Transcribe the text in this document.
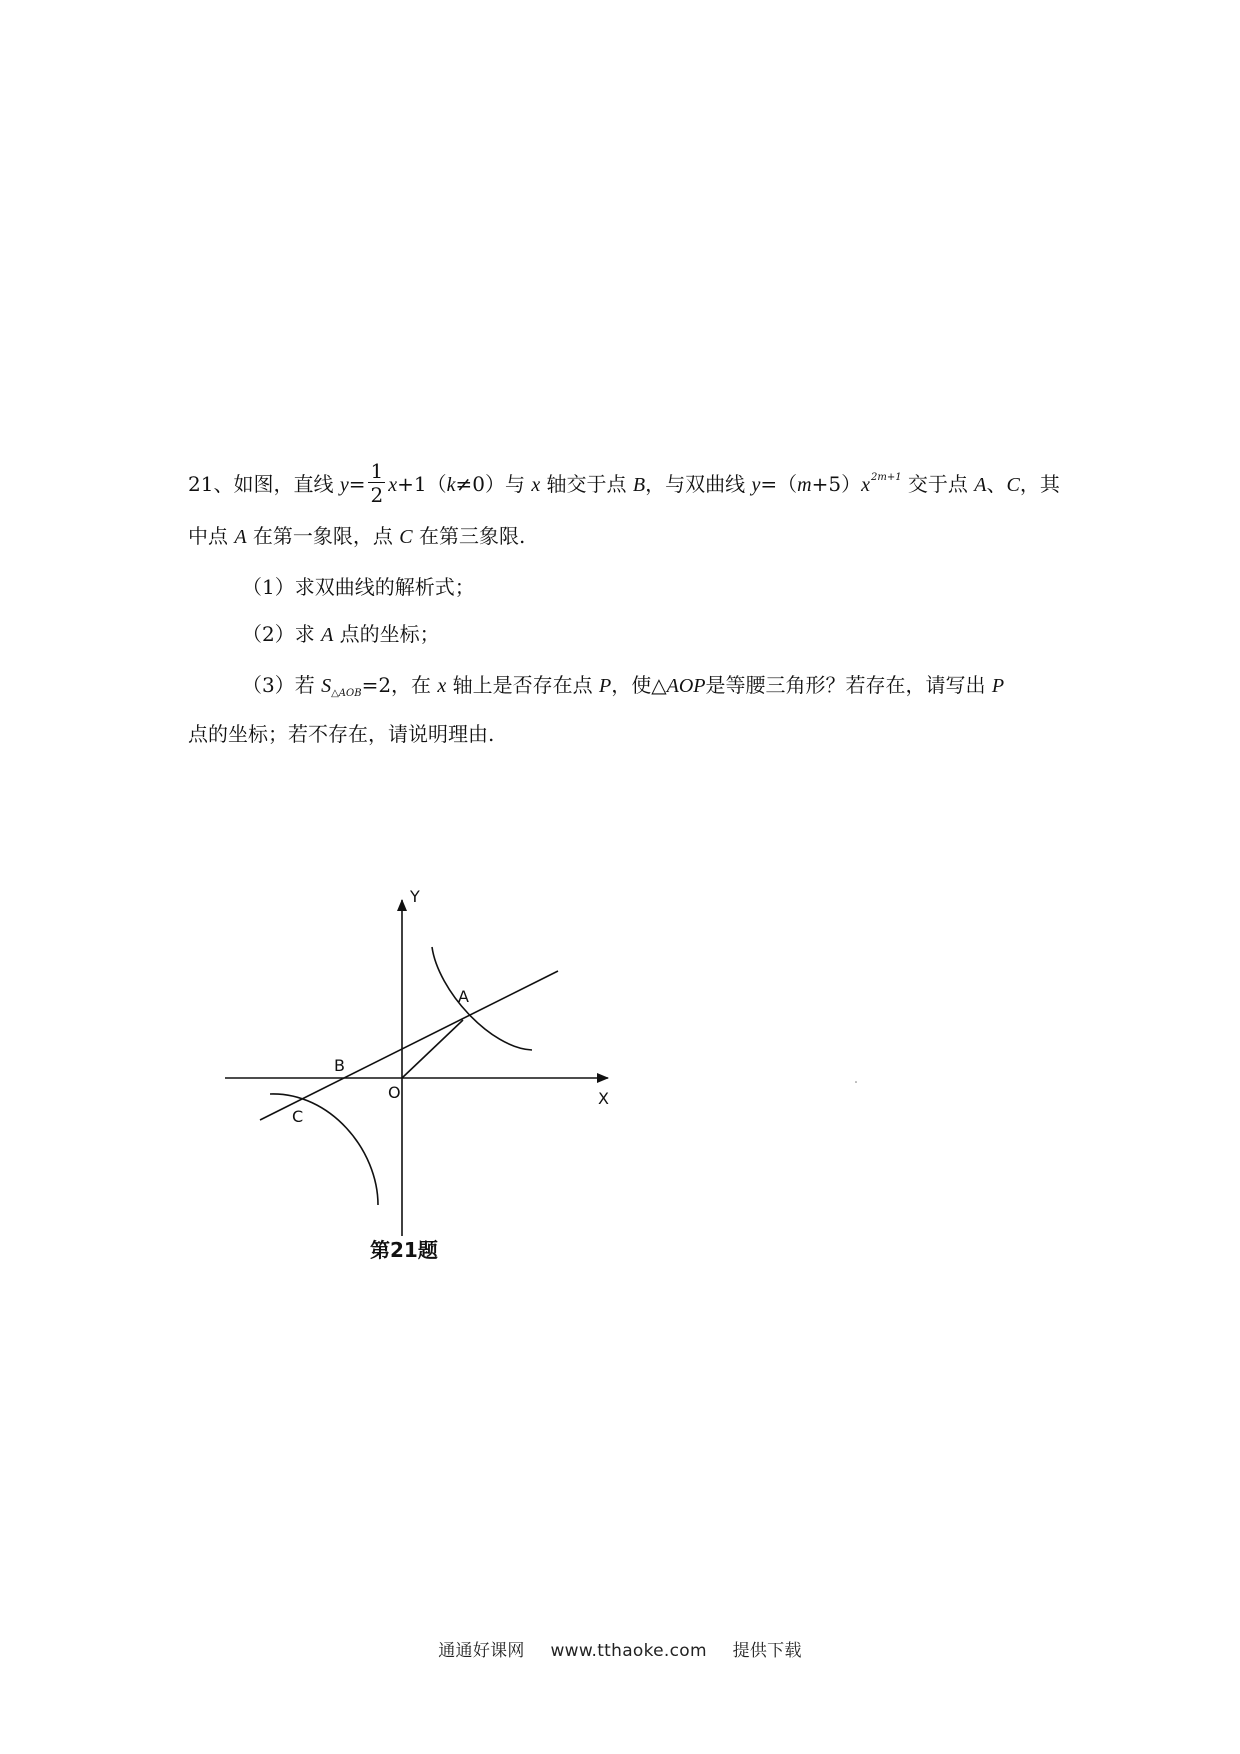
21、如图，直线 $y= \frac{1}{2} x+1(k\ne 0)$与 x 轴交于点 B，与双曲线 $y=(m+5)x^{2m+1}$ 交于点 A、C，其
中点 A 在第一象限，点 C 在第三象限.
（1）求双曲线的解析式；
（2）求 A 点的坐标；
（3）若 $S_{\triangle AOB}=2$，在 x 轴上是否存在点 P，使△AOP是等腰三角形？若存在，请写出 P
点的坐标；若不存在，请说明理由.
Y
X
A
B
C
O
第21题
通通好课网 www.tthaoke.com 提供下载
